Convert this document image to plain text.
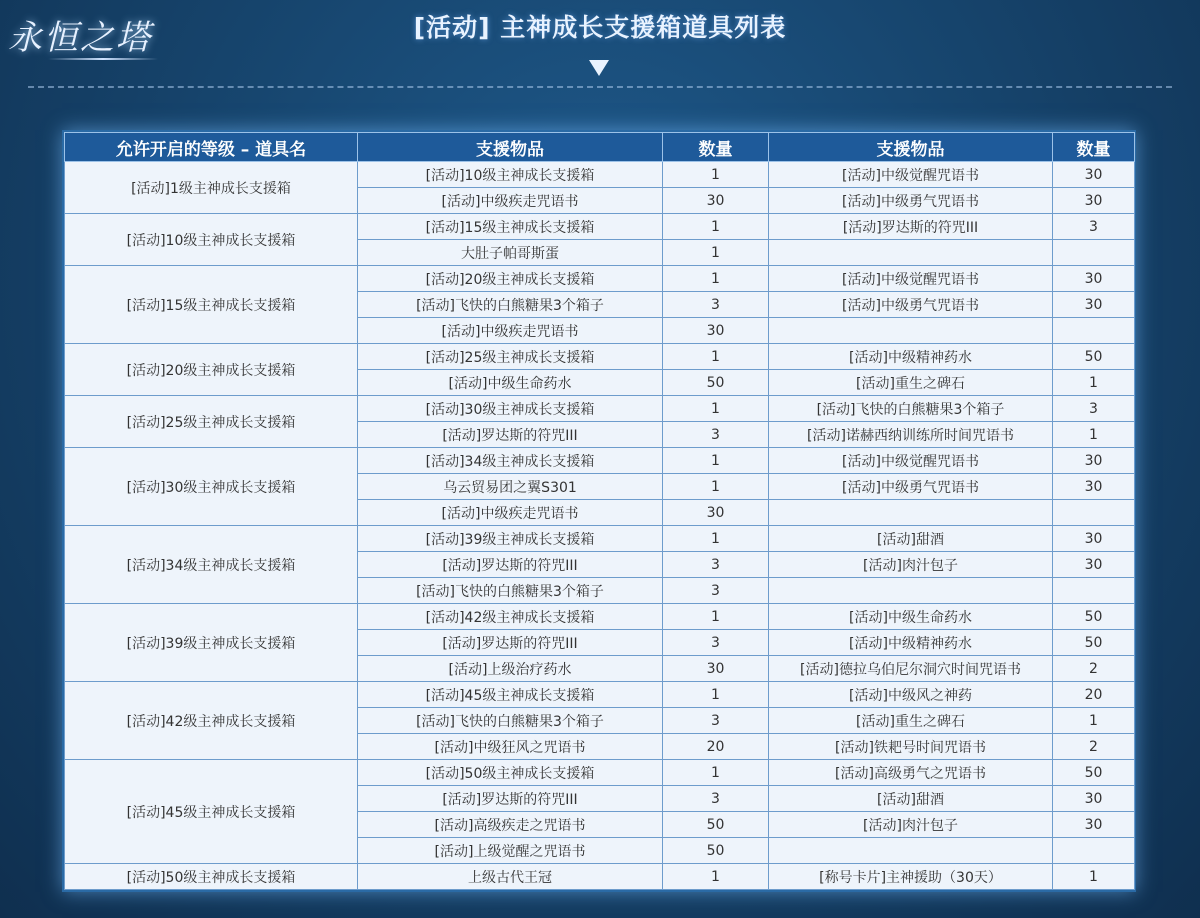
永恒之塔	[活动] 主神成长支援箱道具列表
允许开启的等级 – 道具名	支援物品	数量	支援物品	数量
[活动]1级主神成长支援箱	[活动]10级主神成长支援箱	1	[活动]中级觉醒咒语书	30
	[活动]中级疾走咒语书	30	[活动]中级勇气咒语书	30
[活动]10级主神成长支援箱	[活动]15级主神成长支援箱	1	[活动]罗达斯的符咒III	3
	大肚子帕哥斯蛋	1		
[活动]15级主神成长支援箱	[活动]20级主神成长支援箱	1	[活动]中级觉醒咒语书	30
	[活动]飞快的白熊糖果3个箱子	3	[活动]中级勇气咒语书	30
	[活动]中级疾走咒语书	30		
[活动]20级主神成长支援箱	[活动]25级主神成长支援箱	1	[活动]中级精神药水	50
	[活动]中级生命药水	50	[活动]重生之碑石	1
[活动]25级主神成长支援箱	[活动]30级主神成长支援箱	1	[活动]飞快的白熊糖果3个箱子	3
	[活动]罗达斯的符咒III	3	[活动]诺赫西纳训练所时间咒语书	1
[活动]30级主神成长支援箱	[活动]34级主神成长支援箱	1	[活动]中级觉醒咒语书	30
	乌云贸易团之翼S301	1	[活动]中级勇气咒语书	30
	[活动]中级疾走咒语书	30		
[活动]34级主神成长支援箱	[活动]39级主神成长支援箱	1	[活动]甜酒	30
	[活动]罗达斯的符咒III	3	[活动]肉汁包子	30
	[活动]飞快的白熊糖果3个箱子	3		
[活动]39级主神成长支援箱	[活动]42级主神成长支援箱	1	[活动]中级生命药水	50
	[活动]罗达斯的符咒III	3	[活动]中级精神药水	50
	[活动]上级治疗药水	30	[活动]德拉乌伯尼尔洞穴时间咒语书	2
[活动]42级主神成长支援箱	[活动]45级主神成长支援箱	1	[活动]中级风之神药	20
	[活动]飞快的白熊糖果3个箱子	3	[活动]重生之碑石	1
	[活动]中级狂风之咒语书	20	[活动]铁耙号时间咒语书	2
[活动]45级主神成长支援箱	[活动]50级主神成长支援箱	1	[活动]高级勇气之咒语书	50
	[活动]罗达斯的符咒III	3	[活动]甜酒	30
	[活动]高级疾走之咒语书	50	[活动]肉汁包子	30
	[活动]上级觉醒之咒语书	50		
[活动]50级主神成长支援箱	上级古代王冠	1	[称号卡片]主神援助（30天）	1
